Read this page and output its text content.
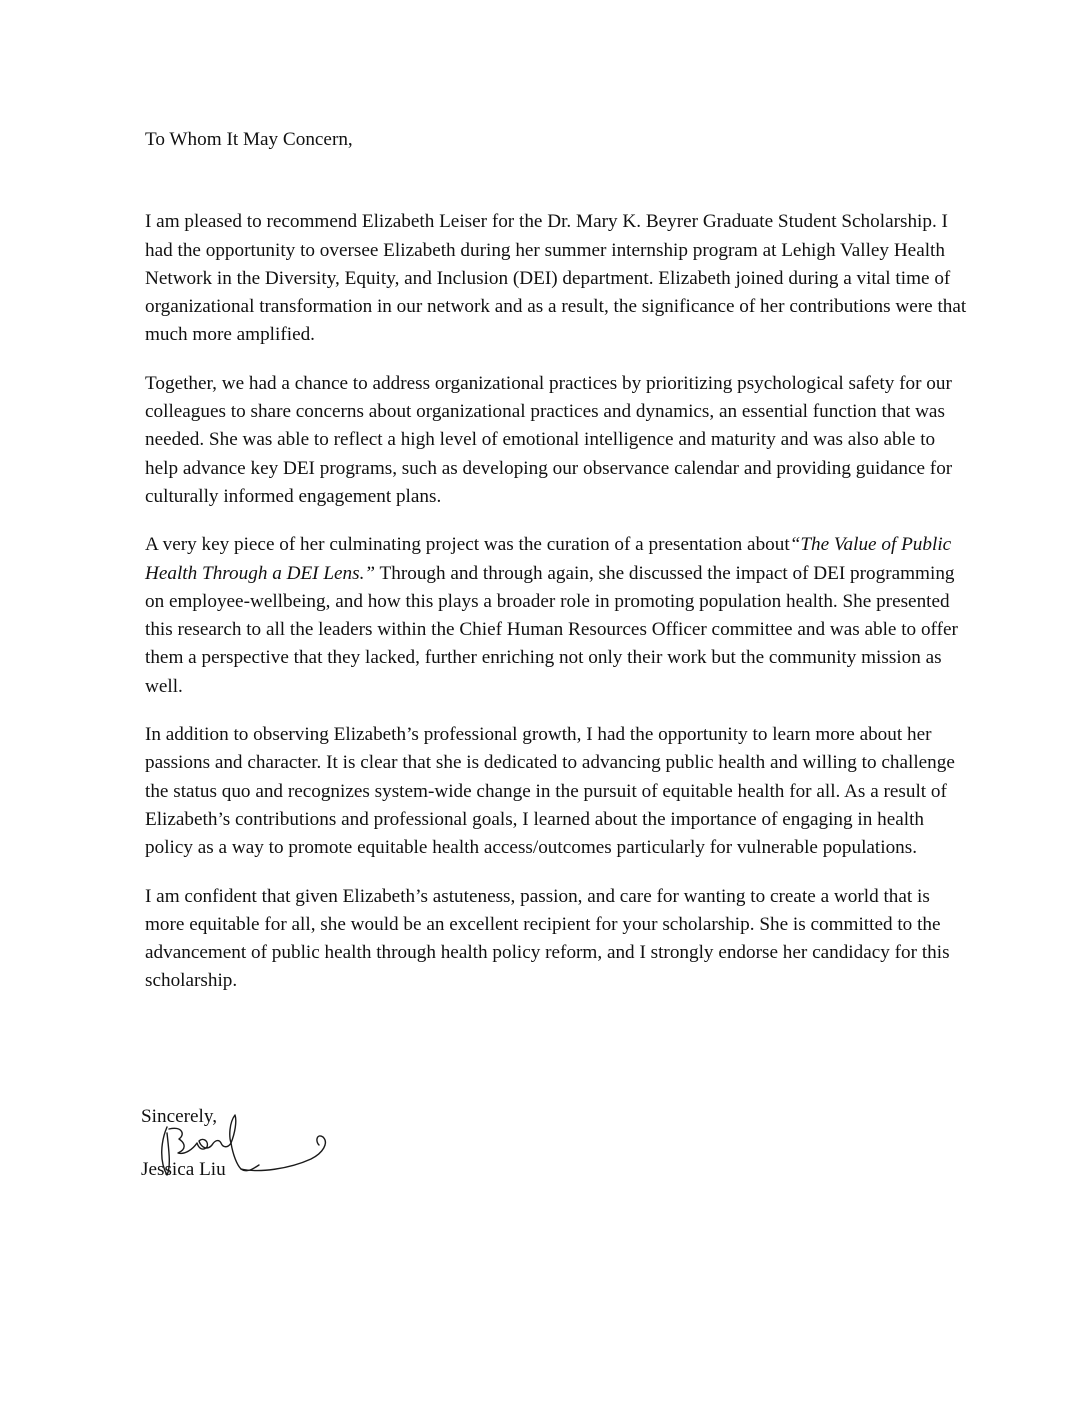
To Whom It May Concern,

I am pleased to recommend Elizabeth Leiser for the Dr. Mary K. Beyrer Graduate Student Scholarship. I had the opportunity to oversee Elizabeth during her summer internship program at Lehigh Valley Health Network in the Diversity, Equity, and Inclusion (DEI) department. Elizabeth joined during a vital time of organizational transformation in our network and as a result, the significance of her contributions were that much more amplified.

Together, we had a chance to address organizational practices by prioritizing psychological safety for our colleagues to share concerns about organizational practices and dynamics, an essential function that was needed. She was able to reflect a high level of emotional intelligence and maturity and was also able to help advance key DEI programs, such as developing our observance calendar and providing guidance for culturally informed engagement plans.

A very key piece of her culminating project was the curation of a presentation about“The Value of Public Health Through a DEI Lens.” Through and through again, she discussed the impact of DEI programming on employee-wellbeing, and how this plays a broader role in promoting population health. She presented this research to all the leaders within the Chief Human Resources Officer committee and was able to offer them a perspective that they lacked, further enriching not only their work but the community mission as well.

In addition to observing Elizabeth’s professional growth, I had the opportunity to learn more about her passions and character. It is clear that she is dedicated to advancing public health and willing to challenge the status quo and recognizes system-wide change in the pursuit of equitable health for all. As a result of Elizabeth’s contributions and professional goals, I learned about the importance of engaging in health policy as a way to promote equitable health access/outcomes particularly for vulnerable populations.

I am confident that given Elizabeth’s astuteness, passion, and care for wanting to create a world that is more equitable for all, she would be an excellent recipient for your scholarship. She is committed to the advancement of public health through health policy reform, and I strongly endorse her candidacy for this scholarship.

Sincerely,

Jessica Liu
